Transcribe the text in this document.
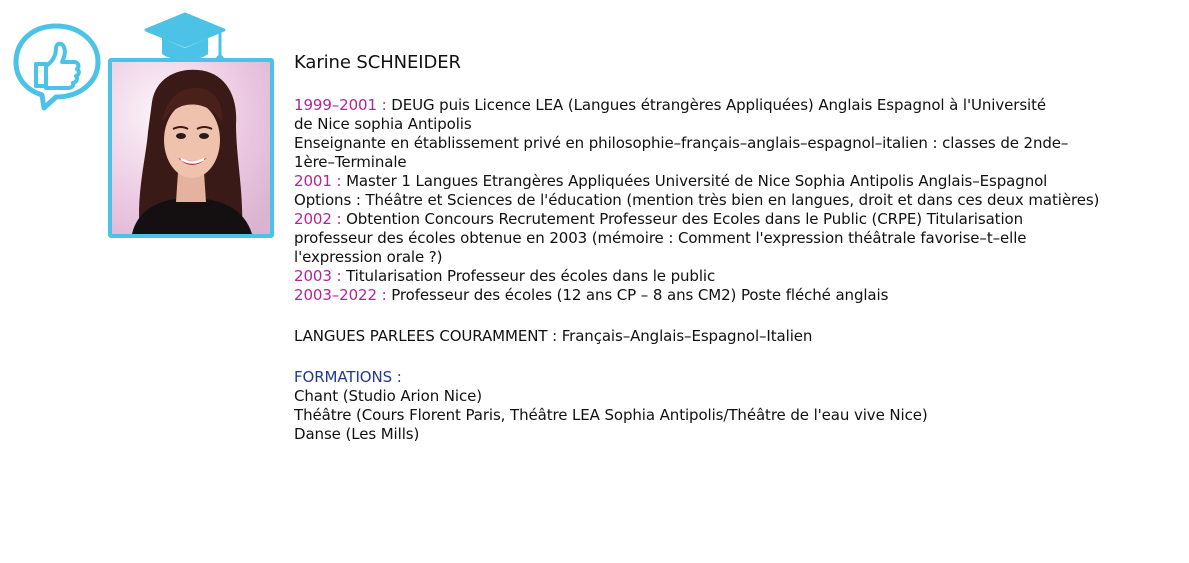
Karine SCHNEIDER

1999–2001 : DEUG puis Licence LEA (Langues étrangères Appliquées) Anglais Espagnol à l'Université

de Nice sophia Antipolis

Enseignante en établissement privé en philosophie–français–anglais–espagnol–italien : classes de 2nde–

1ère–Terminale

2001 : Master 1 Langues Etrangères Appliquées Université de Nice Sophia Antipolis Anglais–Espagnol

Options : Théâtre et Sciences de l'éducation (mention très bien en langues, droit et dans ces deux matières)

2002 : Obtention Concours Recrutement Professeur des Ecoles dans le Public (CRPE) Titularisation

professeur des écoles obtenue en 2003 (mémoire : Comment l'expression théâtrale favorise–t–elle

l'expression orale ?)

2003 : Titularisation Professeur des écoles dans le public

2003–2022 : Professeur des écoles (12 ans CP – 8 ans CM2) Poste fléché anglais

LANGUES PARLEES COURAMMENT : Français–Anglais–Espagnol–Italien

FORMATIONS :

Chant (Studio Arion Nice)

Théâtre (Cours Florent Paris, Théâtre LEA Sophia Antipolis/Théâtre de l'eau vive Nice)

Danse (Les Mills)
